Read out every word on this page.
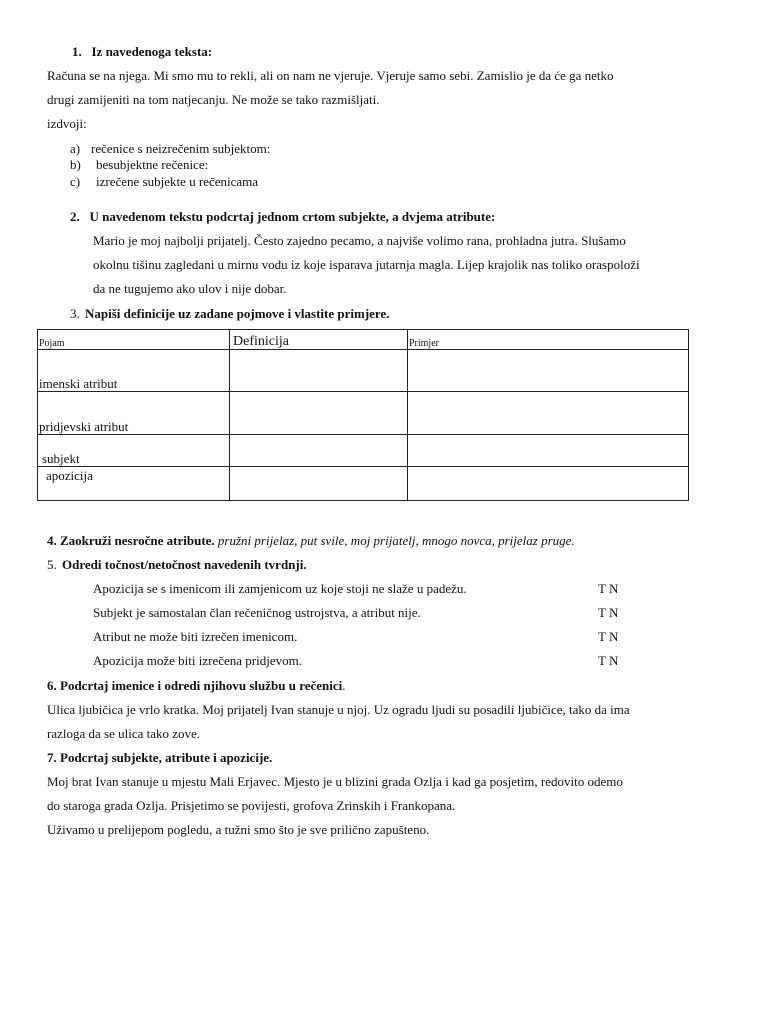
1.   Iz navedenoga teksta:
Računa se na njega. Mi smo mu to rekli, ali on nam ne vjeruje. Vjeruje samo sebi. Zamislio je da će ga netko
drugi zamijeniti na tom natjecanju. Ne može se tako razmišljati.
izdvoji:
a) rečenice s neizrečenim subjektom:
b) besubjektne rečenice:
c) izrečene subjekte u rečenicama
2.   U navedenom tekstu podcrtaj jednom crtom subjekte, a dvjema atribute:
Mario je moj najbolji prijatelj. Često zajedno pecamo, a najviše volimo rana, prohladna jutra. Slušamo
okolnu tišinu zagledani u mirnu vodu iz koje isparava jutarnja magla. Lijep krajolik nas toliko oraspoloži
da ne tugujemo ako ulov i nije dobar.
3. Napiši definicije uz zadane pojmove i vlastite primjere.
Pojam	Definicija	Primjer
imenski atribut		
pridjevski atribut		
subjekt		
apozicija		
4. Zaokruži nesročne atribute. pružni prijelaz, put svile, moj prijatelj, mnogo novca, prijelaz pruge.
5. Odredi točnost/netočnost navedenih tvrdnji.
Apozicija se s imenicom ili zamjenicom uz koje stoji ne slaže u padežu.	T N
Subjekt je samostalan član rečeničnog ustrojstva, a atribut nije.	T N
Atribut ne može biti izrečen imenicom.	T N
Apozicija može biti izrečena pridjevom.	T N
6. Podcrtaj imenice i odredi njihovu službu u rečenici.
Ulica ljubičica je vrlo kratka. Moj prijatelj Ivan stanuje u njoj. Uz ogradu ljudi su posadili ljubičice, tako da ima
razloga da se ulica tako zove.
7. Podcrtaj subjekte, atribute i apozicije.
Moj brat Ivan stanuje u mjestu Mali Erjavec. Mjesto je u blizini grada Ozlja i kad ga posjetim, redovito odemo
do staroga grada Ozlja. Prisjetimo se povijesti, grofova Zrinskih i Frankopana.
Uživamo u prelijepom pogledu, a tužni smo što je sve prilično zapušteno.
